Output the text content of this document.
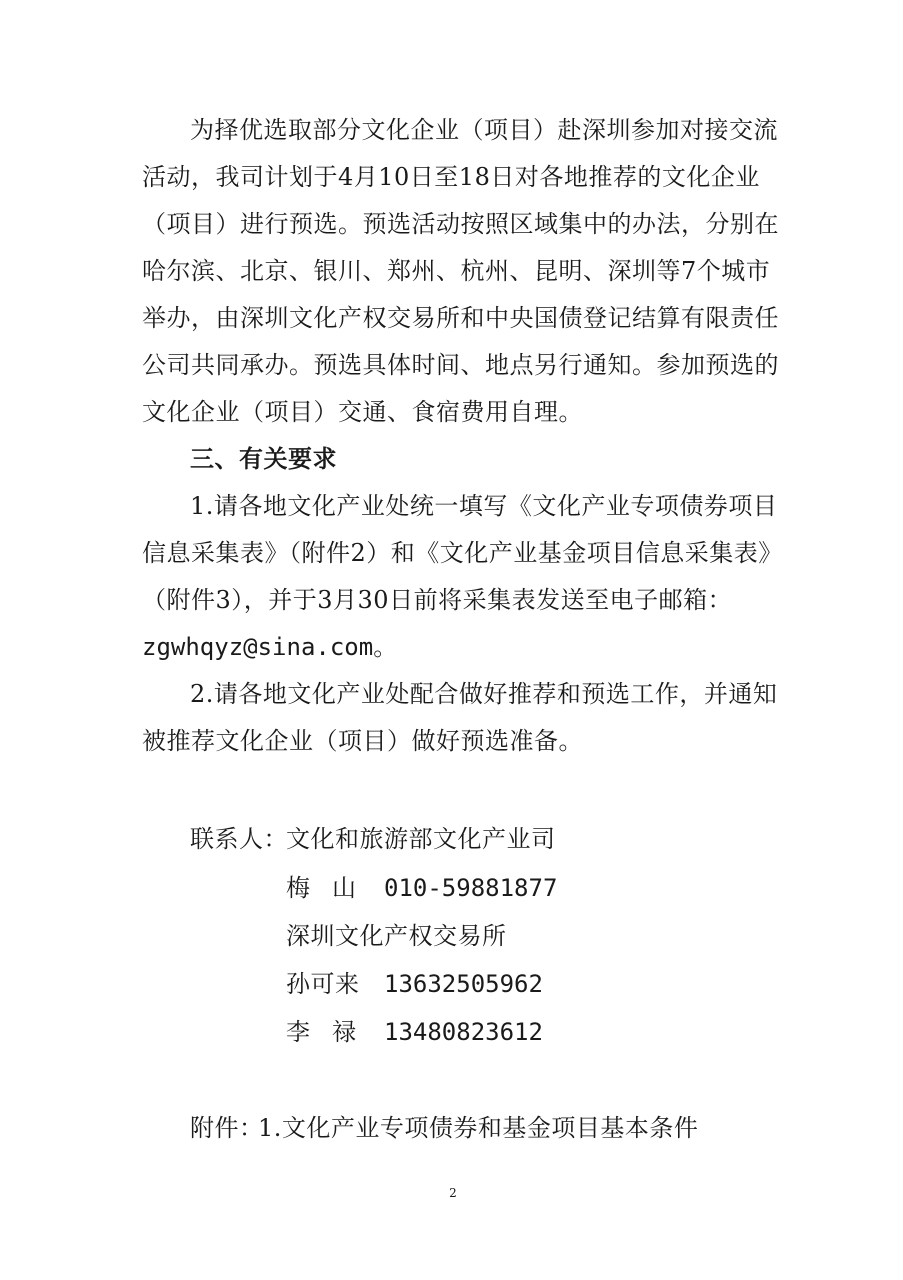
为择优选取部分文化企业（项目）赴深圳参加对接交流
活动，我司计划于4月10日至18日对各地推荐的文化企业
（项目）进行预选。预选活动按照区域集中的办法，分别在
哈尔滨、北京、银川、郑州、杭州、昆明、深圳等7个城市
举办，由深圳文化产权交易所和中央国债登记结算有限责任
公司共同承办。预选具体时间、地点另行通知。参加预选的
文化企业（项目）交通、食宿费用自理。
三、有关要求
1.请各地文化产业处统一填写《文化产业专项债券项目
信息采集表》（附件2）和《文化产业基金项目信息采集表》
（附件3），并于3月30日前将采集表发送至电子邮箱：
zgwhqyz@sina.com。
2.请各地文化产业处配合做好推荐和预选工作，并通知
被推荐文化企业（项目）做好预选准备。
联系人：
文化和旅游部文化产业司
梅山 010-59881877
深圳文化产权交易所
孙可来 13632505962
李禄 13480823612
附件：
1.文化产业专项债券和基金项目基本条件
2
